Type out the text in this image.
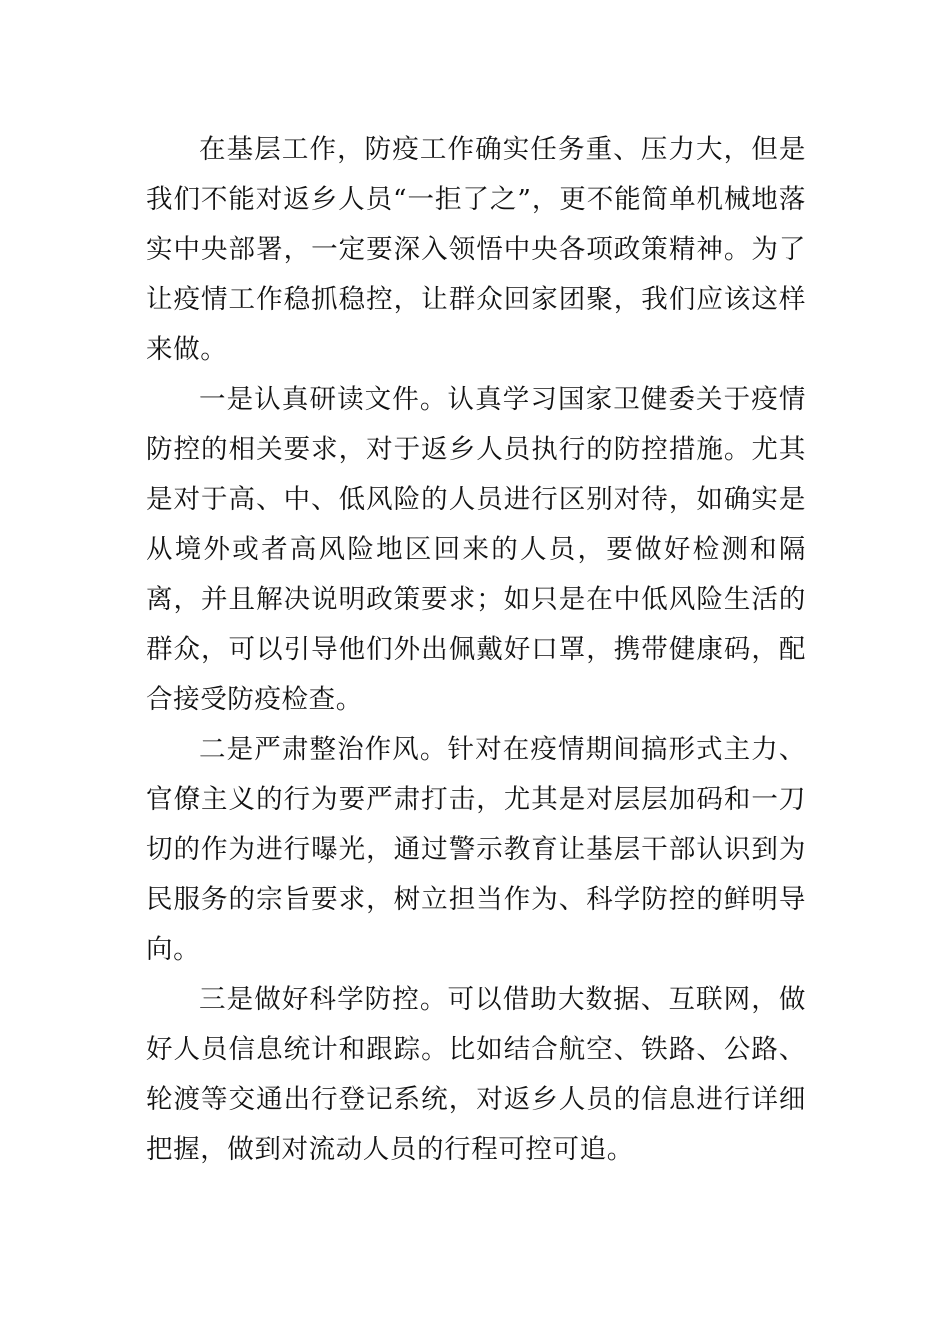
在基层工作，防疫工作确实任务重、压力大，但是我们不能对返乡人员“一拒了之”，更不能简单机械地落实中央部署，一定要深入领悟中央各项政策精神。为了让疫情工作稳抓稳控，让群众回家团聚，我们应该这样来做。

一是认真研读文件。认真学习国家卫健委关于疫情防控的相关要求，对于返乡人员执行的防控措施。尤其是对于高、中、低风险的人员进行区别对待，如确实是从境外或者高风险地区回来的人员，要做好检测和隔离，并且解决说明政策要求；如只是在中低风险生活的群众，可以引导他们外出佩戴好口罩，携带健康码，配合接受防疫检查。

二是严肃整治作风。针对在疫情期间搞形式主力、官僚主义的行为要严肃打击，尤其是对层层加码和一刀切的作为进行曝光，通过警示教育让基层干部认识到为民服务的宗旨要求，树立担当作为、科学防控的鲜明导向。

三是做好科学防控。可以借助大数据、互联网，做好人员信息统计和跟踪。比如结合航空、铁路、公路、轮渡等交通出行登记系统，对返乡人员的信息进行详细把握，做到对流动人员的行程可控可追。
